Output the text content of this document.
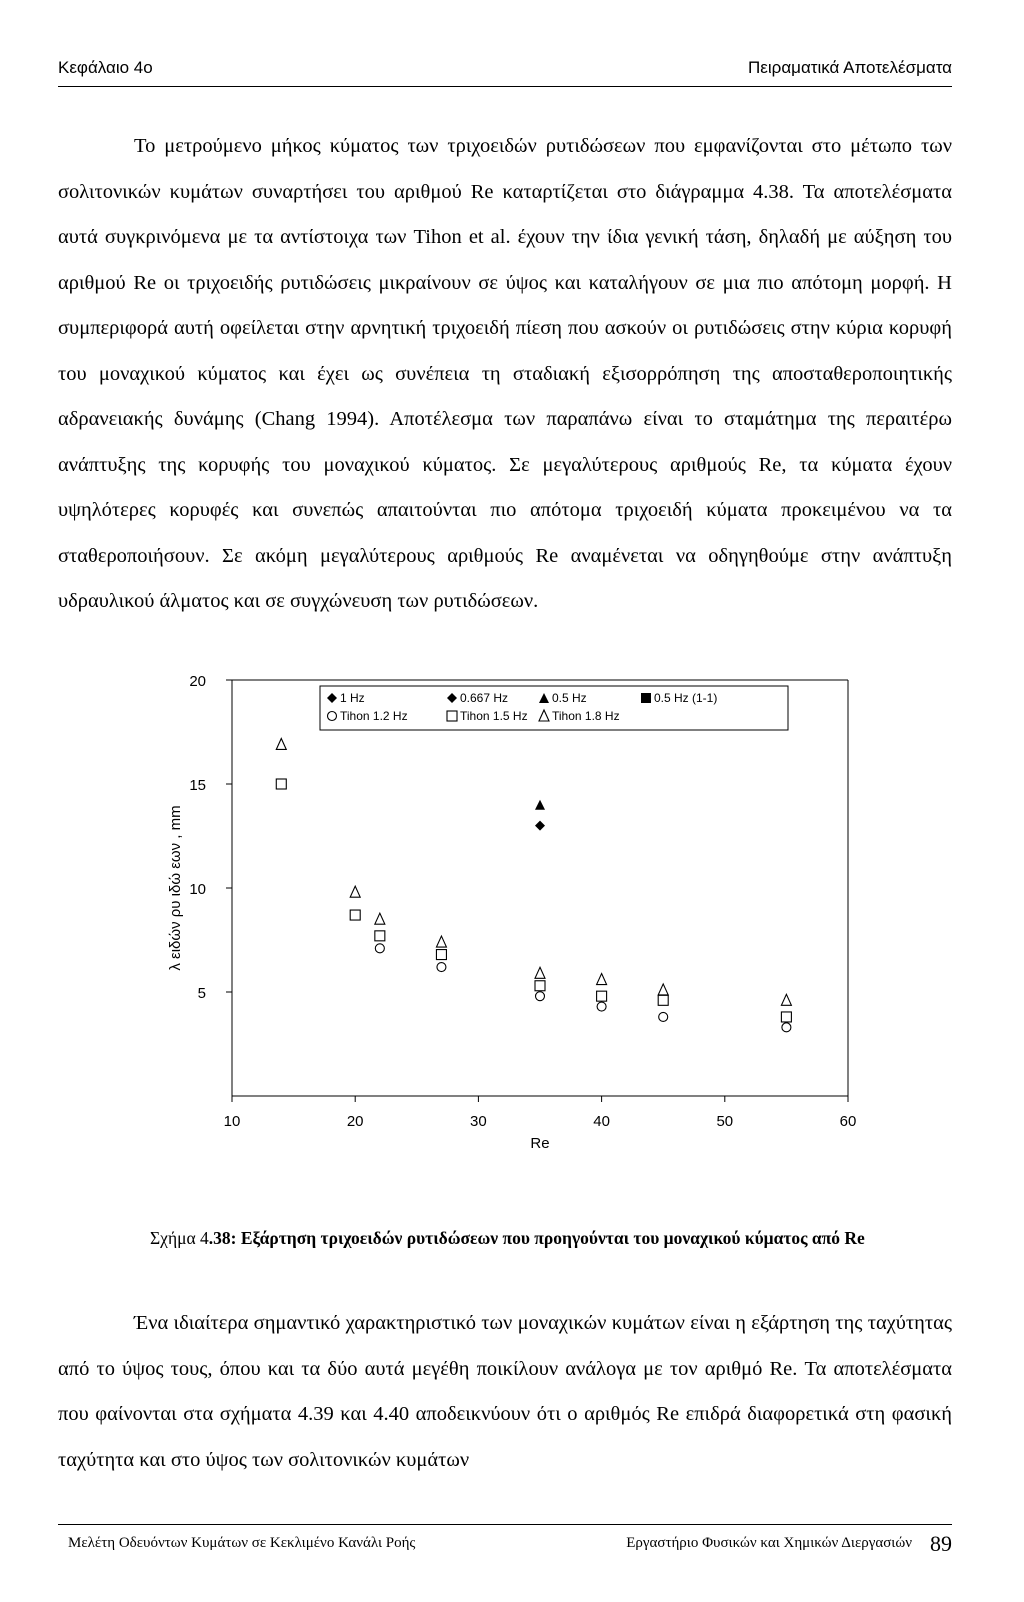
Κεφάλαιο 4ο	Πειραματικά Αποτελέσματα
Το μετρούμενο μήκος κύματος των τριχοειδών ρυτιδώσεων που εμφανίζονται στο μέτωπο των σολιτονικών κυμάτων συναρτήσει του αριθμού Re καταρτίζεται στο διάγραμμα 4.38. Τα αποτελέσματα αυτά συγκρινόμενα με τα αντίστοιχα των Tihon et al. έχουν την ίδια γενική τάση, δηλαδή με αύξηση του αριθμού Re οι τριχοειδής ρυτιδώσεις μικραίνουν σε ύψος και καταλήγουν σε μια πιο απότομη μορφή. Η συμπεριφορά αυτή οφείλεται στην αρνητική τριχοειδή πίεση που ασκούν οι ρυτιδώσεις στην κύρια κορυφή του μοναχικού κύματος και έχει ως συνέπεια τη σταδιακή εξισορρόπηση της αποσταθεροποιητικής αδρανειακής δυνάμης (Chang 1994). Αποτέλεσμα των παραπάνω είναι το σταμάτημα της περαιτέρω ανάπτυξης της κορυφής του μοναχικού κύματος. Σε μεγαλύτερους αριθμούς Re, τα κύματα έχουν υψηλότερες κορυφές και συνεπώς απαιτούνται πιο απότομα τριχοειδή κύματα προκειμένου να τα σταθεροποιήσουν. Σε ακόμη μεγαλύτερους αριθμούς Re αναμένεται να οδηγηθούμε στην ανάπτυξη υδραυλικού άλματος και σε συγχώνευση των ρυτιδώσεων.
5
10
15
20
10	20	30	40	50	60
Re
λ ειδών ρυ ιδώ εων , mm
1 Hz	0.667 Hz	0.5 Hz	0.5 Hz (1-1)
Tihon 1.2 Hz	Tihon 1.5 Hz Tihon 1.8 Hz
Σχήμα 4.38: Εξάρτηση τριχοειδών ρυτιδώσεων που προηγούνται του μοναχικού κύματος από Re
Ένα ιδιαίτερα σημαντικό χαρακτηριστικό των μοναχικών κυμάτων είναι η εξάρτηση της ταχύτητας από το ύψος τους, όπου και τα δύο αυτά μεγέθη ποικίλουν ανάλογα με τον αριθμό Re. Τα αποτελέσματα που φαίνονται στα σχήματα 4.39 και 4.40 αποδεικνύουν ότι ο αριθμός Re επιδρά διαφορετικά στη φασική ταχύτητα και στο ύψος των σολιτονικών κυμάτων
Μελέτη Οδευόντων Κυμάτων σε Κεκλιμένο Κανάλι Ροής	Εργαστήριο Φυσικών και Χημικών Διεργασιών 89
